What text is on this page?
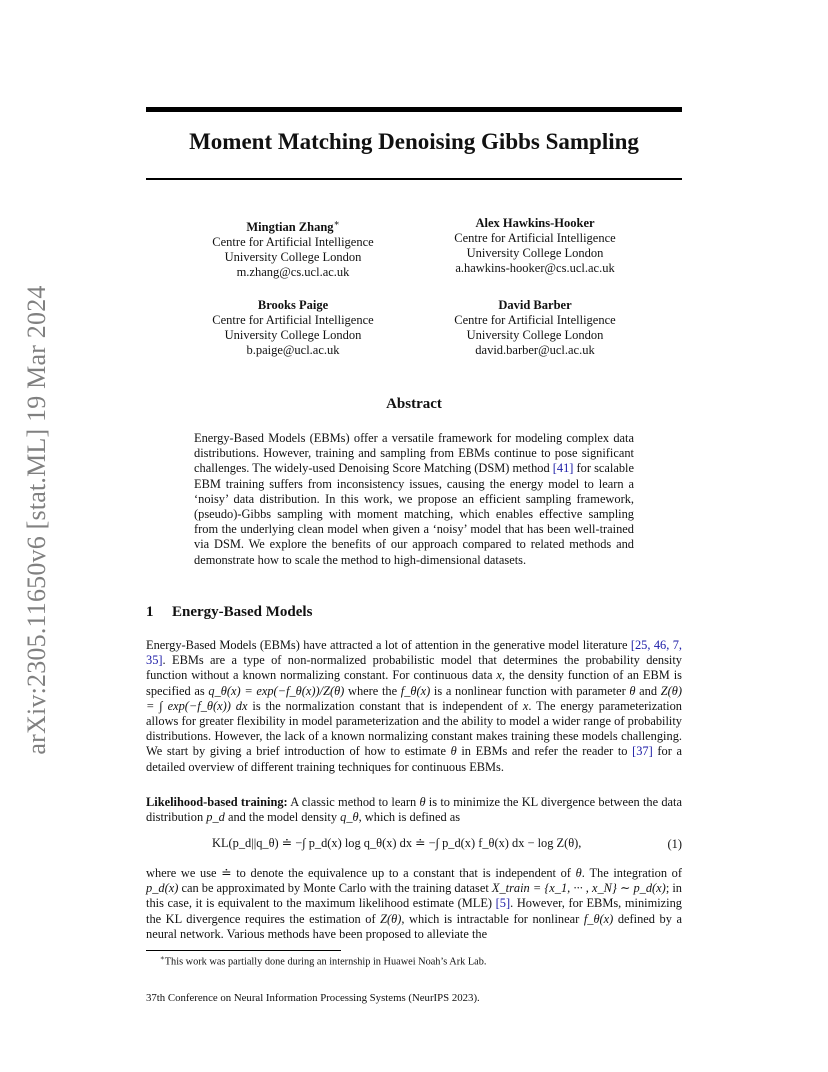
arXiv:2305.11650v6 [stat.ML] 19 Mar 2024
Moment Matching Denoising Gibbs Sampling
Mingtian Zhang∗
Centre for Artificial Intelligence
University College London
m.zhang@cs.ucl.ac.uk
Alex Hawkins-Hooker
Centre for Artificial Intelligence
University College London
a.hawkins-hooker@cs.ucl.ac.uk
Brooks Paige
Centre for Artificial Intelligence
University College London
b.paige@ucl.ac.uk
David Barber
Centre for Artificial Intelligence
University College London
david.barber@ucl.ac.uk
Abstract

Energy-Based Models (EBMs) offer a versatile framework for modeling complex data distributions. However, training and sampling from EBMs continue to pose significant challenges. The widely-used Denoising Score Matching (DSM) method [41] for scalable EBM training suffers from inconsistency issues, causing the energy model to learn a ‘noisy’ data distribution. In this work, we propose an efficient sampling framework, (pseudo)-Gibbs sampling with moment matching, which enables effective sampling from the underlying clean model when given a ‘noisy’ model that has been well-trained via DSM. We explore the benefits of our approach compared to related methods and demonstrate how to scale the method to high-dimensional datasets.

1 Energy-Based Models

Energy-Based Models (EBMs) have attracted a lot of attention in the generative model literature [25, 46, 7, 35]. EBMs are a type of non-normalized probabilistic model that determines the probability density function without a known normalizing constant. For continuous data x, the density function of an EBM is specified as q_θ(x) = exp(−f_θ(x))/Z(θ) where the f_θ(x) is a nonlinear function with parameter θ and Z(θ) = ∫ exp(−f_θ(x)) dx is the normalization constant that is independent of x. The energy parameterization allows for greater flexibility in model parameterization and the ability to model a wider range of probability distributions. However, the lack of a known normalizing constant makes training these models challenging. We start by giving a brief introduction of how to estimate θ in EBMs and refer the reader to [37] for a detailed overview of different training techniques for continuous EBMs.

Likelihood-based training: A classic method to learn θ is to minimize the KL divergence between the data distribution p_d and the model density q_θ, which is defined as

KL(p_d||q_θ) ≐ −∫ p_d(x) log q_θ(x) dx ≐ −∫ p_d(x) f_θ(x) dx − log Z(θ),	(1)

where we use ≐ to denote the equivalence up to a constant that is independent of θ. The integration of p_d(x) can be approximated by Monte Carlo with the training dataset X_train = {x_1, ··· , x_N} ∼ p_d(x); in this case, it is equivalent to the maximum likelihood estimate (MLE) [5]. However, for EBMs, minimizing the KL divergence requires the estimation of Z(θ), which is intractable for nonlinear f_θ(x) defined by a neural network. Various methods have been proposed to alleviate the

∗This work was partially done during an internship in Huawei Noah’s Ark Lab.

37th Conference on Neural Information Processing Systems (NeurIPS 2023).
